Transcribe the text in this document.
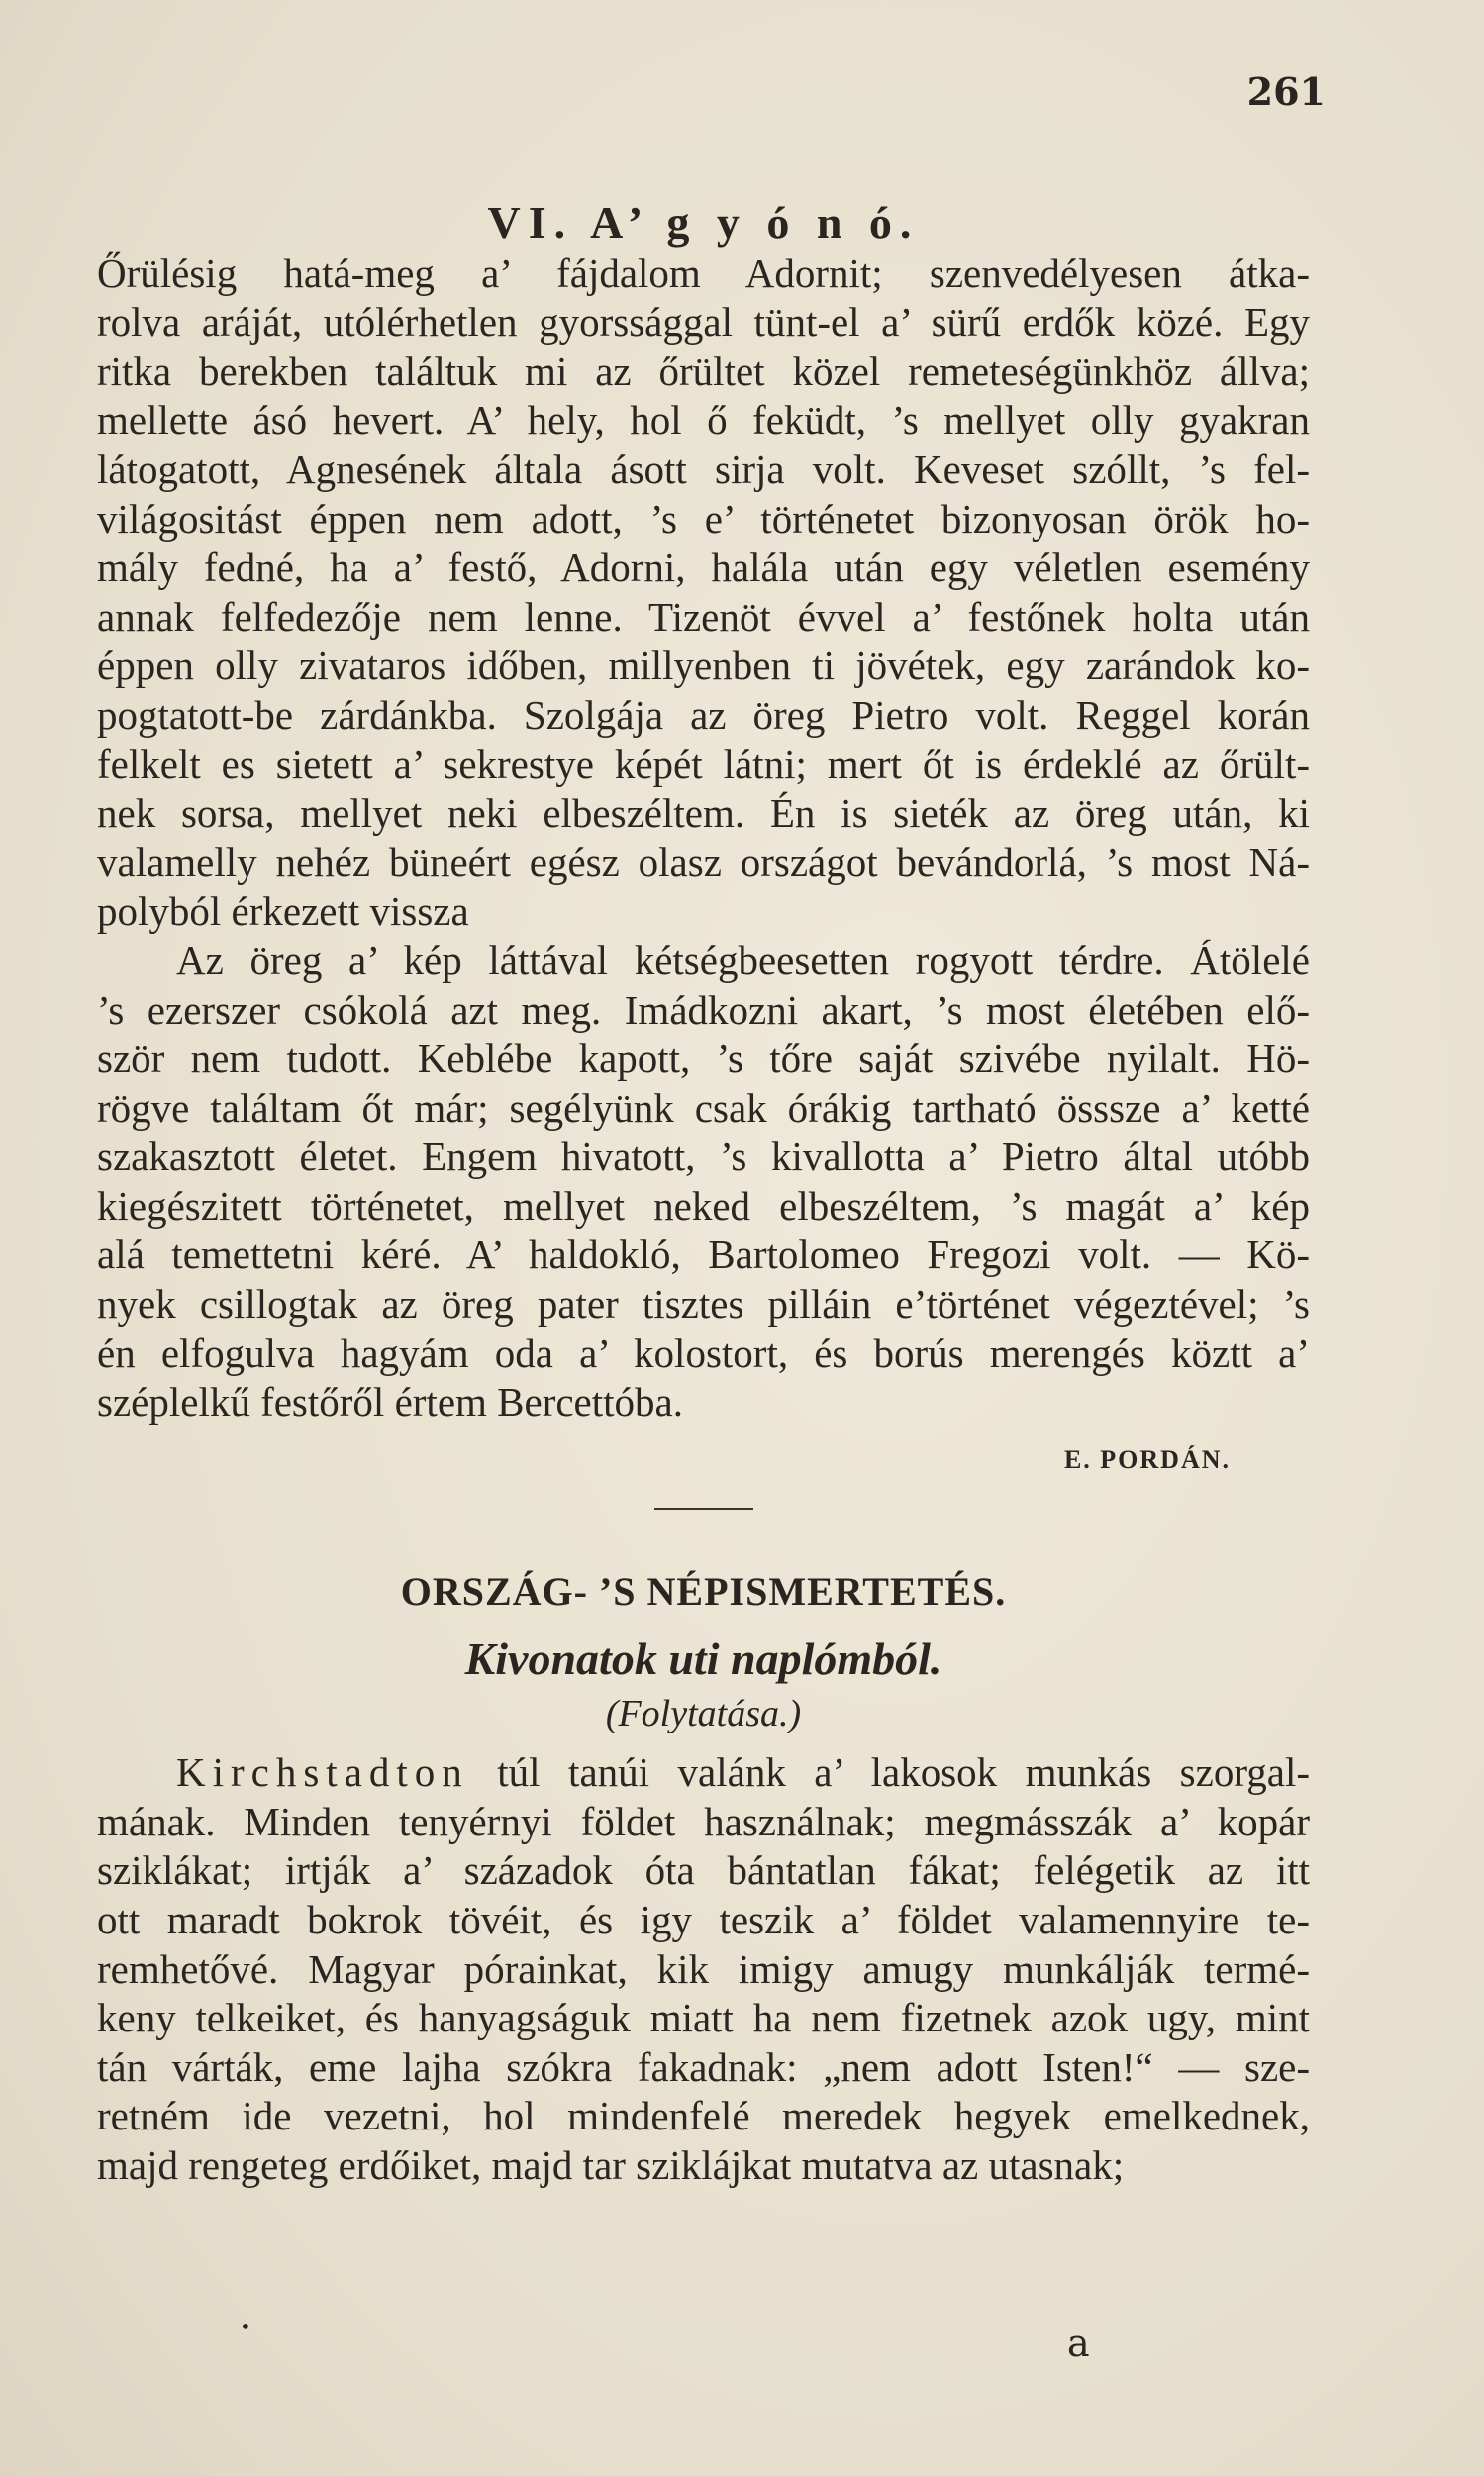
261
VI. A’ g y ó n ó.
Őrülésig hatá-meg a’ fájdalom Adornit; szenvedélyesen átka-
rolva aráját, utólérhetlen gyorssággal tünt-el a’ sürű erdők közé. Egy
ritka berekben találtuk mi az őrültet közel remeteségünkhöz állva;
mellette ásó hevert. A’ hely, hol ő feküdt, ’s mellyet olly gyakran
látogatott, Agnesének általa ásott sirja volt. Keveset szóllt, ’s fel-
világositást éppen nem adott, ’s e’ történetet bizonyosan örök ho-
mály fedné, ha a’ festő, Adorni, halála után egy véletlen esemény
annak felfedezője nem lenne. Tizenöt évvel a’ festőnek holta után
éppen olly zivataros időben, millyenben ti jövétek, egy zarándok ko-
pogtatott-be zárdánkba. Szolgája az öreg Pietro volt. Reggel korán
felkelt es sietett a’ sekrestye képét látni; mert őt is érdeklé az őrült-
nek sorsa, mellyet neki elbeszéltem. Én is sieték az öreg után, ki
valamelly nehéz büneért egész olasz országot bevándorlá, ’s most Ná-
polyból érkezett vissza
Az öreg a’ kép láttával kétségbeesetten rogyott térdre. Átölelé
’s ezerszer csókolá azt meg. Imádkozni akart, ’s most életében elő-
ször nem tudott. Keblébe kapott, ’s tőre saját szivébe nyilalt. Hö-
rögve találtam őt már; segélyünk csak órákig tartható össsze a’ ketté
szakasztott életet. Engem hivatott, ’s kivallotta a’ Pietro által utóbb
kiegészitett történetet, mellyet neked elbeszéltem, ’s magát a’ kép
alá temettetni kéré. A’ haldokló, Bartolomeo Fregozi volt. — Kö-
nyek csillogtak az öreg pater tisztes pilláin e’történet végeztével; ’s
én elfogulva hagyám oda a’ kolostort, és borús merengés köztt a’
széplelkű festőről értem Bercettóba.
E. PORDÁN.
ORSZÁG- ’S NÉPISMERTETÉS.
Kivonatok uti naplómból.
(Folytatása.)
Kirchstadton túl tanúi valánk a’ lakosok munkás szorgal-
mának. Minden tenyérnyi földet használnak; megmásszák a’ kopár
sziklákat; irtják a’ századok óta bántatlan fákat; felégetik az itt
ott maradt bokrok tövéit, és igy teszik a’ földet valamennyire te-
remhetővé. Magyar pórainkat, kik imigy amugy munkálják termé-
keny telkeiket, és hanyagságuk miatt ha nem fizetnek azok ugy, mint
tán várták, eme lajha szókra fakadnak: „nem adott Isten!“ — sze-
retném ide vezetni, hol mindenfelé meredek hegyek emelkednek,
majd rengeteg erdőiket, majd tar sziklájkat mutatva az utasnak;
•	a
